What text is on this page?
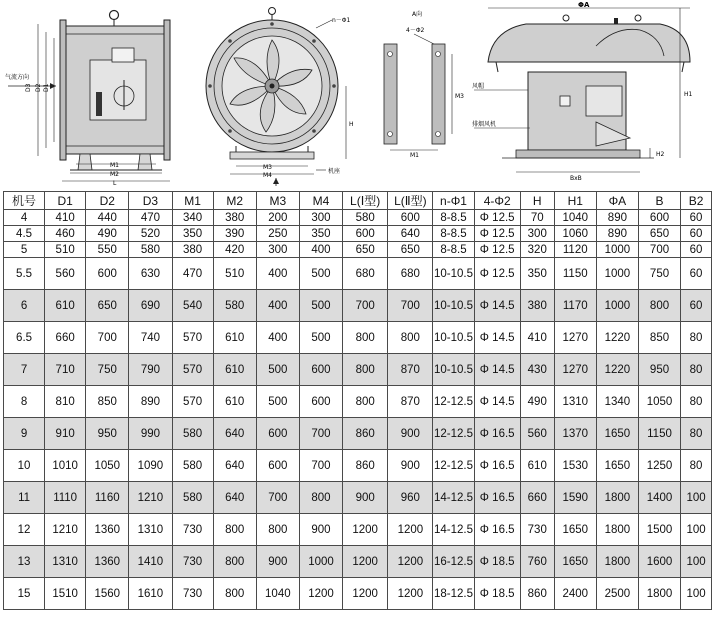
气流方向
D3 D2 D1
M1
M2
L
n－Φ1
H
M3
M4
机座
A向
4－Φ2
M1
M3
ΦA
H1
H2
BxB
风帽
排烟风机
机号	D1	D2	D3	M1	M2	M3	M4	L(Ⅰ型)	L(Ⅱ型)	n-Φ1	4-Φ2	H	H1	ΦA	B	B2
4	410	440	470	340	380	200	300	580	600	8-8.5	Φ 12.5	70	1040	890	600	60
4.5	460	490	520	350	390	250	350	600	640	8-8.5	Φ 12.5	300	1060	890	650	60
5	510	550	580	380	420	300	400	650	650	8-8.5	Φ 12.5	320	1120	1000	700	60
5.5	560	600	630	470	510	400	500	680	680	10-10.5	Φ 12.5	350	1150	1000	750	60
6	610	650	690	540	580	400	500	700	700	10-10.5	Φ 14.5	380	1170	1000	800	60
6.5	660	700	740	570	610	400	500	800	800	10-10.5	Φ 14.5	410	1270	1220	850	80
7	710	750	790	570	610	500	600	800	870	10-10.5	Φ 14.5	430	1270	1220	950	80
8	810	850	890	570	610	500	600	800	870	12-12.5	Φ 14.5	490	1310	1340	1050	80
9	910	950	990	580	640	600	700	860	900	12-12.5	Φ 16.5	560	1370	1650	1150	80
10	1010	1050	1090	580	640	600	700	860	900	12-12.5	Φ 16.5	610	1530	1650	1250	80
11	1110	1160	1210	580	640	700	800	900	960	14-12.5	Φ 16.5	660	1590	1800	1400	100
12	1210	1360	1310	730	800	800	900	1200	1200	14-12.5	Φ 16.5	730	1650	1800	1500	100
13	1310	1360	1410	730	800	900	1000	1200	1200	16-12.5	Φ 18.5	760	1650	1800	1600	100
15	1510	1560	1610	730	800	1040	1200	1200	1200	18-12.5	Φ 18.5	860	2400	2500	1800	100
